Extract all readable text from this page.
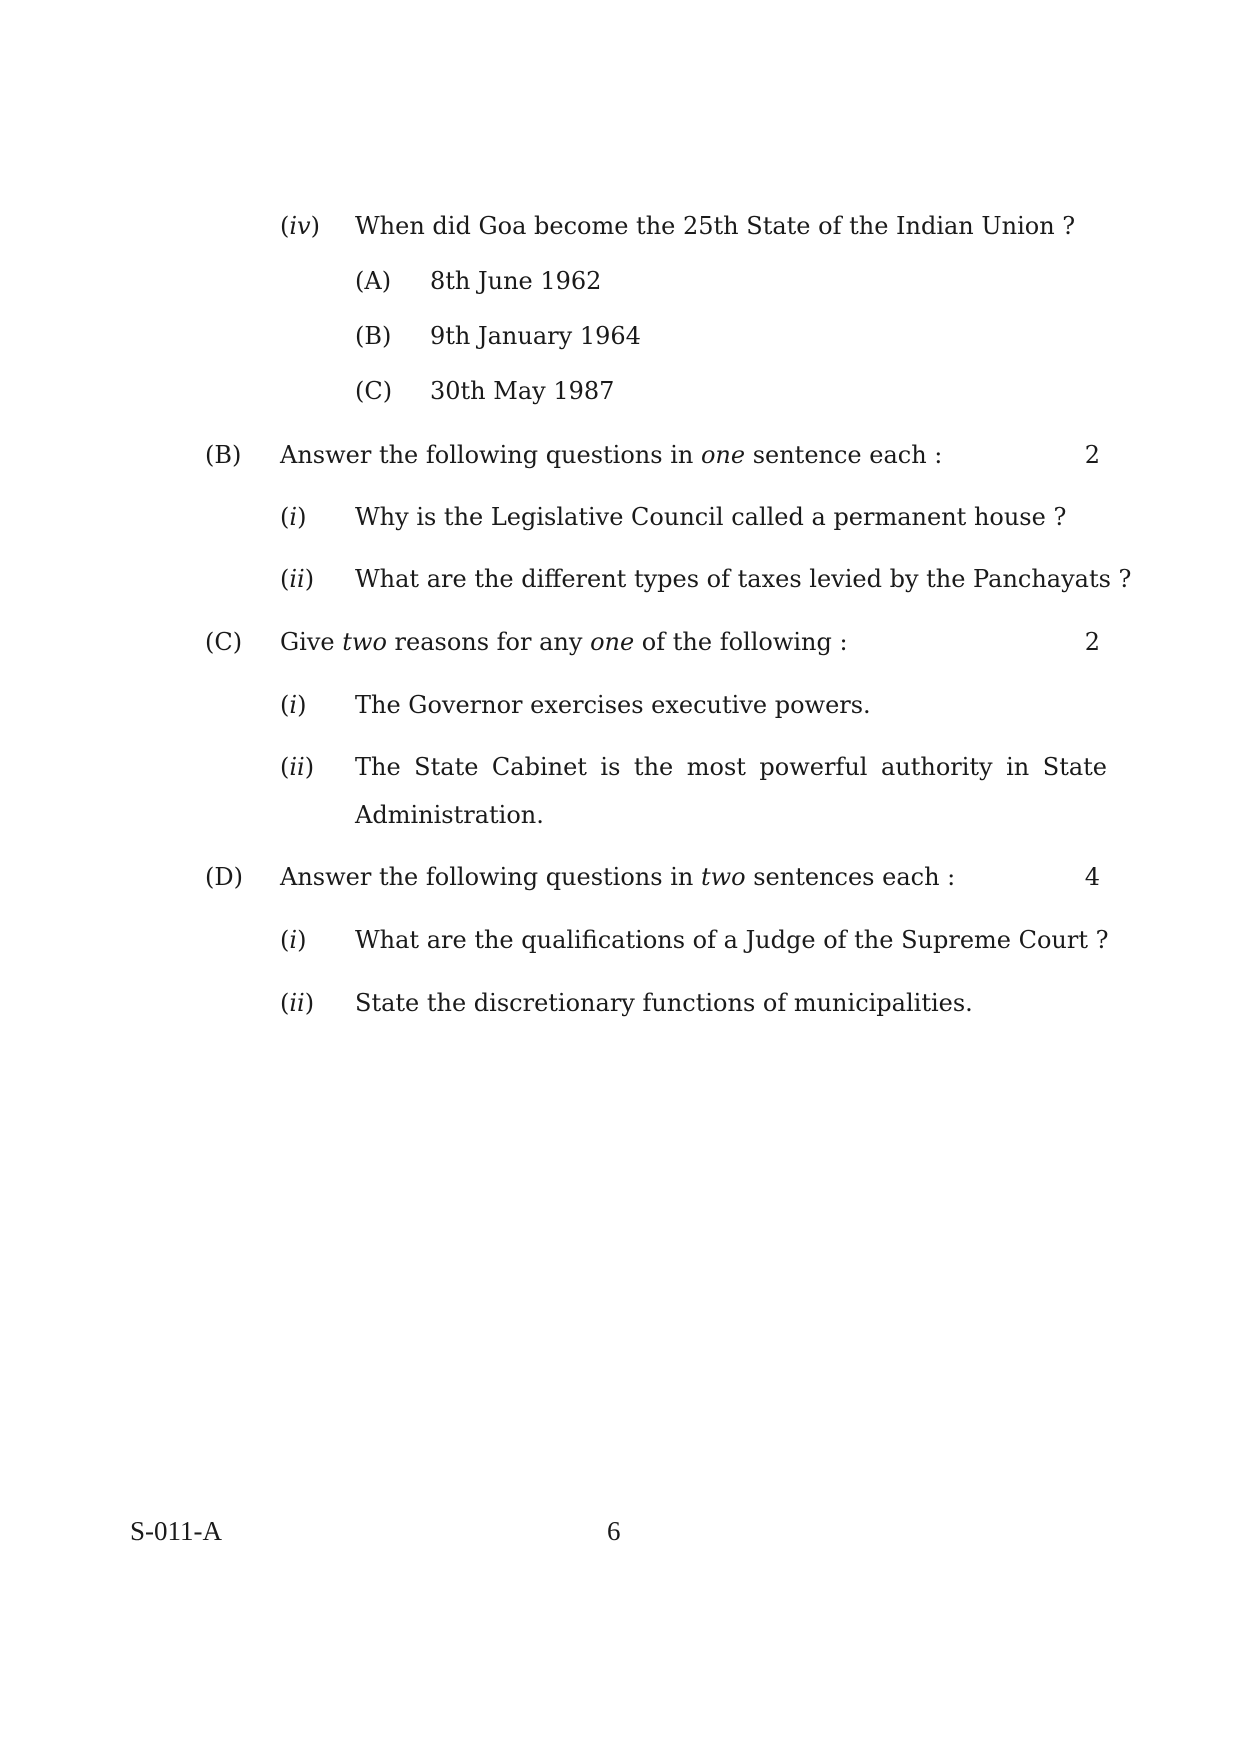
(iv) When did Goa become the 25th State of the Indian Union ?
(A) 8th June 1962
(B) 9th January 1964
(C) 30th May 1987
(B) Answer the following questions in one sentence each :	2
(i) Why is the Legislative Council called a permanent house ?
(ii) What are the different types of taxes levied by the Panchayats ?
(C) Give two reasons for any one of the following :	2
(i) The Governor exercises executive powers.
(ii) The State Cabinet is the most powerful authority in State
Administration.
(D) Answer the following questions in two sentences each :	4
(i) What are the qualifications of a Judge of the Supreme Court ?
(ii) State the discretionary functions of municipalities.
S-011-A	6
